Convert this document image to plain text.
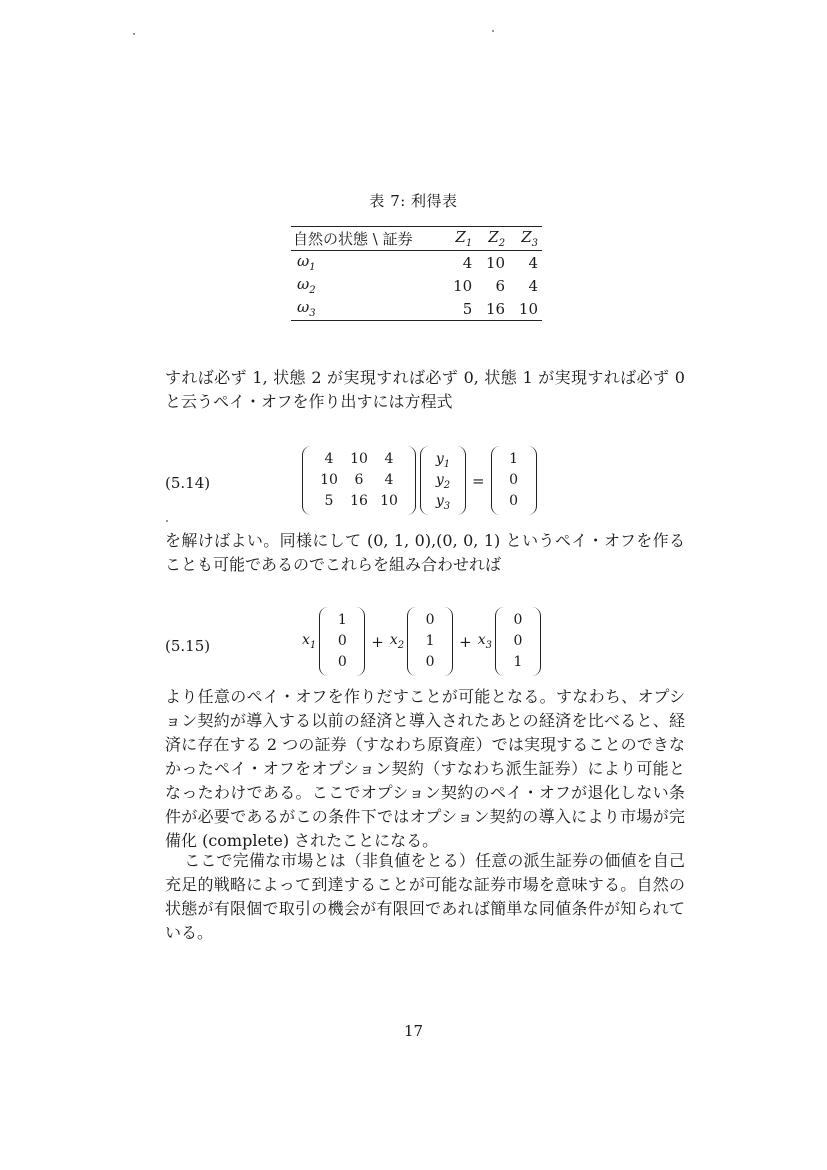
表 7: 利得表
自然の状態 \ 証券	$Z_1$	$Z_2$	$Z_3$
$\omega_1$	4	10	4
$\omega_2$	10	6	4
$\omega_3$	5	16	10
すれば必ず 1, 状態 2 が実現すれば必ず 0, 状態 1 が実現すれば必ず 0 と云うペイ・オフを作り出すには方程式
(5.14)
4	10	4
10	6	4
5	16 10
$y_1$
$y_2$
$y_3$
=
1
0
0
を解けばよい。同様にして (0, 1, 0),(0, 0, 1) というペイ・オフを作ることも可能であるのでこれらを組み合わせれば
(5.15)	$x_1$
1
0
0
+ $x_2$
0
1
0
+ $x_3$
0
0
1
より任意のペイ・オフを作りだすことが可能となる。すなわち、オプション契約が導入する以前の経済と導入されたあとの経済を比べると、経済に存在する 2 つの証券（すなわち原資産）では実現することのできなかったペイ・オフをオプション契約（すなわち派生証券）により可能となったわけである。ここでオプション契約のペイ・オフが退化しない条件が必要であるがこの条件下ではオプション契約の導入により市場が完備化 (complete) されたことになる。
ここで完備な市場とは（非負値をとる）任意の派生証券の価値を自己充足的戦略によって到達することが可能な証券市場を意味する。自然の状態が有限個で取引の機会が有限回であれば簡単な同値条件が知られている。
17
